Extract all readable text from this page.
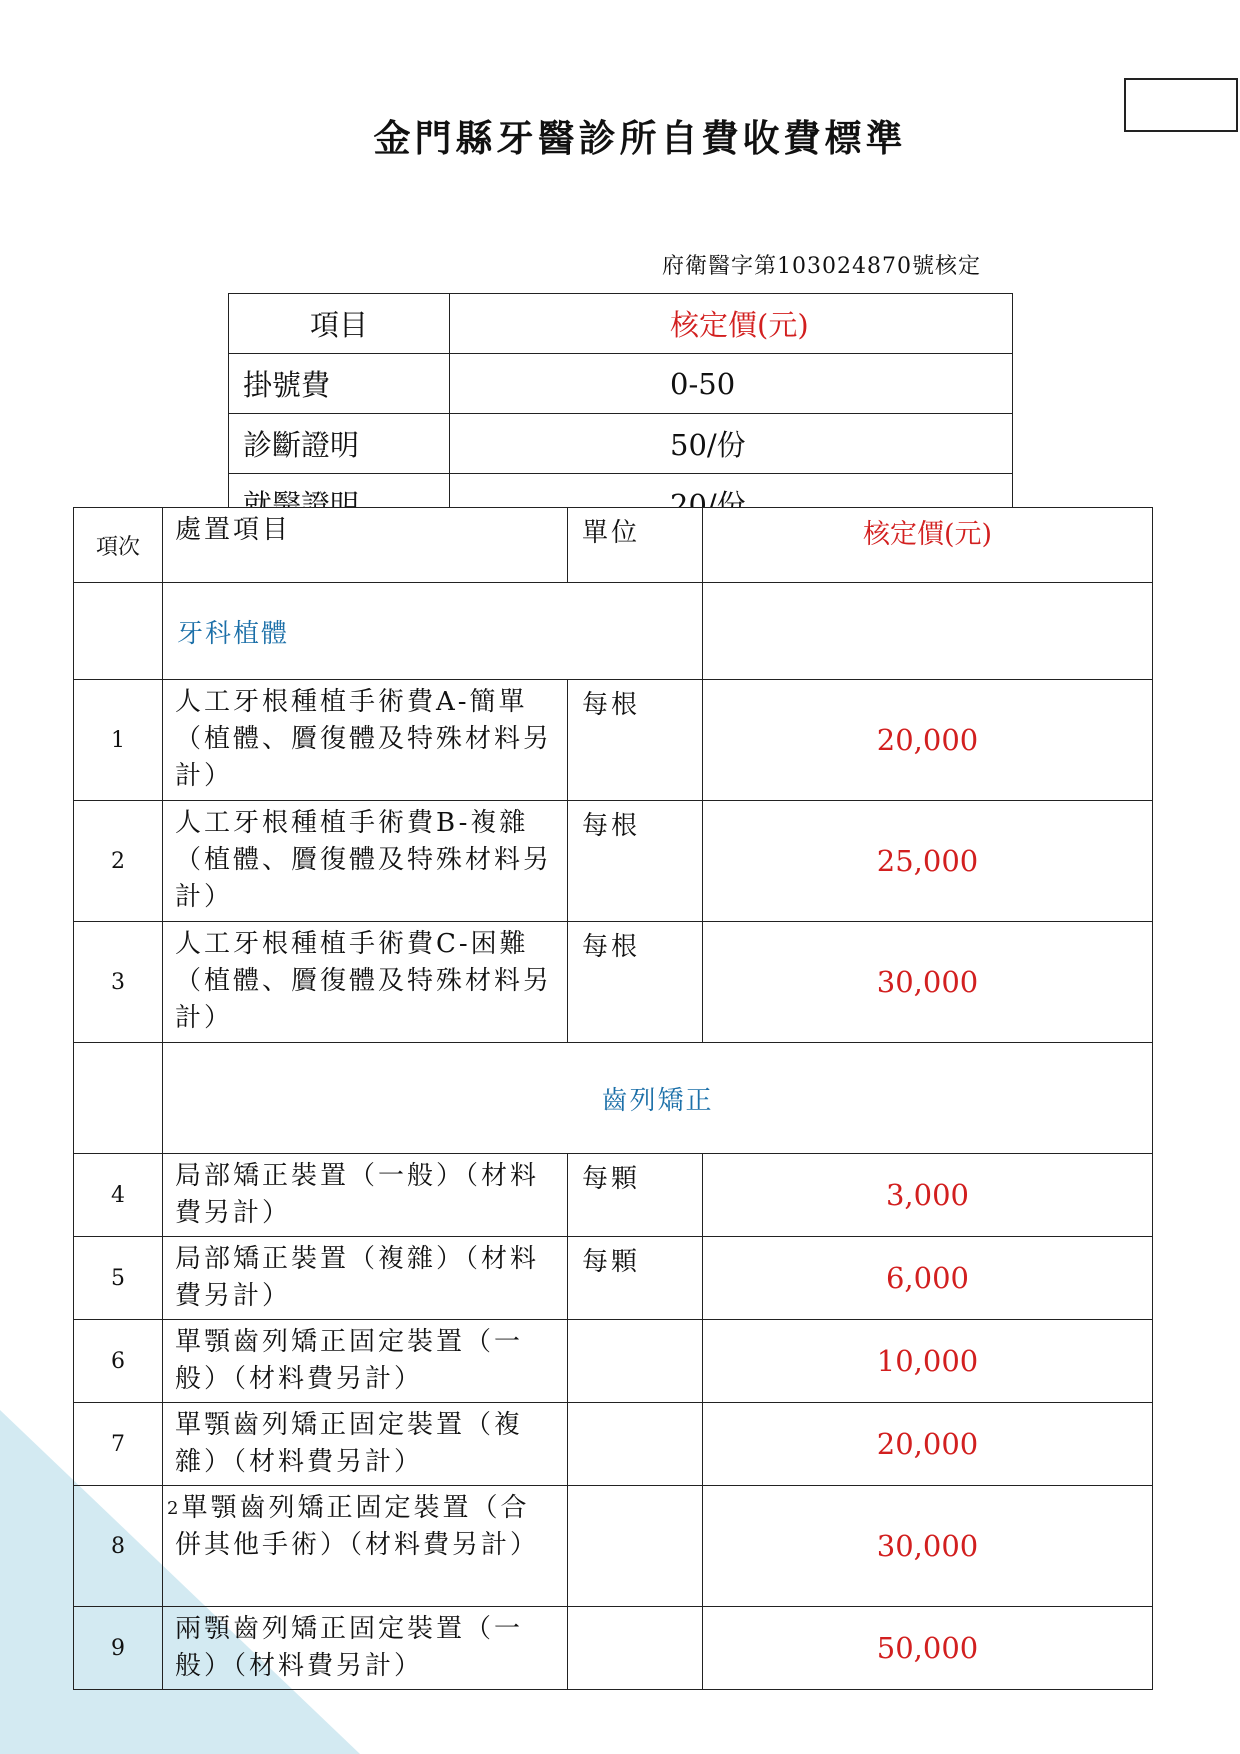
金門縣牙醫診所自費收費標準
府衛醫字第103024870號核定
項目	核定價(元)
掛號費	0-50
診斷證明	50/份
就醫證明	20/份
項次	處置項目	單位	核定價(元)
	牙科植體		
1	人工牙根種植手術費A-簡單（植體、贗復體及特殊材料另計）	每根	20,000
2	人工牙根種植手術費B-複雜（植體、贗復體及特殊材料另計）	每根	25,000
3	人工牙根種植手術費C-困難（植體、贗復體及特殊材料另計）	每根	30,000
	齒列矯正		
4	局部矯正裝置（一般）（材料費另計）	每顆	3,000
5	局部矯正裝置（複雜）（材料費另計）	每顆	6,000
6	單顎齒列矯正固定裝置（一般）（材料費另計）		10,000
7	單顎齒列矯正固定裝置（複雜）（材料費另計）		20,000
8	$^2$單顎齒列矯正固定裝置（合併其他手術）（材料費另計）		30,000
9	兩顎齒列矯正固定裝置（一般）（材料費另計）		50,000
